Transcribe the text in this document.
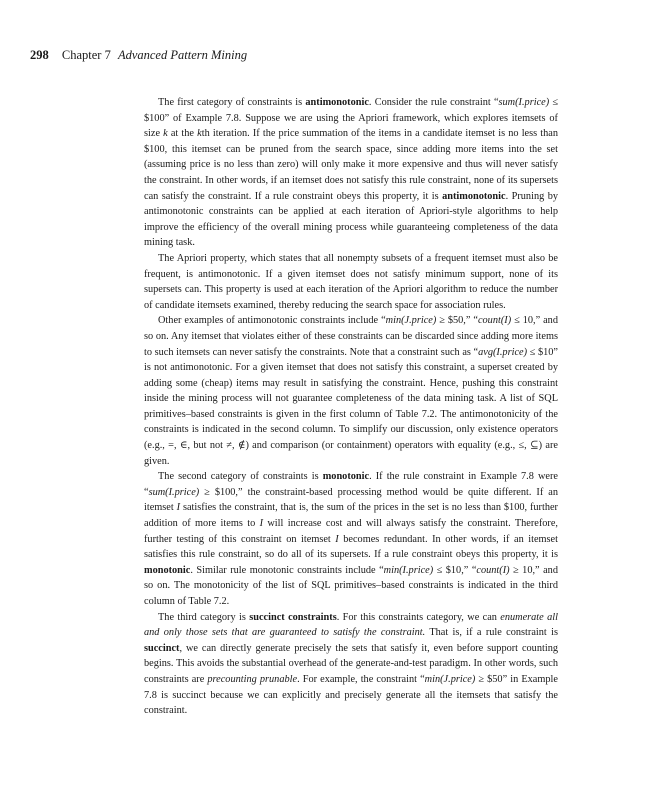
298 Chapter 7 Advanced Pattern Mining

The first category of constraints is antimonotonic. Consider the rule constraint “sum(I.price) ≤ $100” of Example 7.8. Suppose we are using the Apriori framework, which explores itemsets of size k at the kth iteration. If the price summation of the items in a candidate itemset is no less than $100, this itemset can be pruned from the search space, since adding more items into the set (assuming price is no less than zero) will only make it more expensive and thus will never satisfy the constraint. In other words, if an itemset does not satisfy this rule constraint, none of its supersets can satisfy the constraint. If a rule constraint obeys this property, it is antimonotonic. Pruning by antimonotonic constraints can be applied at each iteration of Apriori-style algorithms to help improve the efficiency of the overall mining process while guaranteeing completeness of the data mining task.

The Apriori property, which states that all nonempty subsets of a frequent itemset must also be frequent, is antimonotonic. If a given itemset does not satisfy minimum support, none of its supersets can. This property is used at each iteration of the Apriori algorithm to reduce the number of candidate itemsets examined, thereby reducing the search space for association rules.

Other examples of antimonotonic constraints include “min(J.price) ≥ $50,” “count(I) ≤ 10,” and so on. Any itemset that violates either of these constraints can be discarded since adding more items to such itemsets can never satisfy the constraints. Note that a constraint such as “avg(I.price) ≤ $10” is not antimonotonic. For a given itemset that does not satisfy this constraint, a superset created by adding some (cheap) items may result in satisfying the constraint. Hence, pushing this constraint inside the mining process will not guarantee completeness of the data mining task. A list of SQL primitives–based constraints is given in the first column of Table 7.2. The antimonotonicity of the constraints is indicated in the second column. To simplify our discussion, only existence operators (e.g., =, ∈, but not ≠, ∉) and comparison (or containment) operators with equality (e.g., ≤, ⊆) are given.

The second category of constraints is monotonic. If the rule constraint in Example 7.8 were “sum(I.price) ≥ $100,” the constraint-based processing method would be quite different. If an itemset I satisfies the constraint, that is, the sum of the prices in the set is no less than $100, further addition of more items to I will increase cost and will always satisfy the constraint. Therefore, further testing of this constraint on itemset I becomes redundant. In other words, if an itemset satisfies this rule constraint, so do all of its supersets. If a rule constraint obeys this property, it is monotonic. Similar rule monotonic constraints include “min(I.price) ≤ $10,” “count(I) ≥ 10,” and so on. The monotonicity of the list of SQL primitives–based constraints is indicated in the third column of Table 7.2.

The third category is succinct constraints. For this constraints category, we can enumerate all and only those sets that are guaranteed to satisfy the constraint. That is, if a rule constraint is succinct, we can directly generate precisely the sets that satisfy it, even before support counting begins. This avoids the substantial overhead of the generate-and-test paradigm. In other words, such constraints are precounting prunable. For example, the constraint “min(J.price) ≥ $50” in Example 7.8 is succinct because we can explicitly and precisely generate all the itemsets that satisfy the constraint.
